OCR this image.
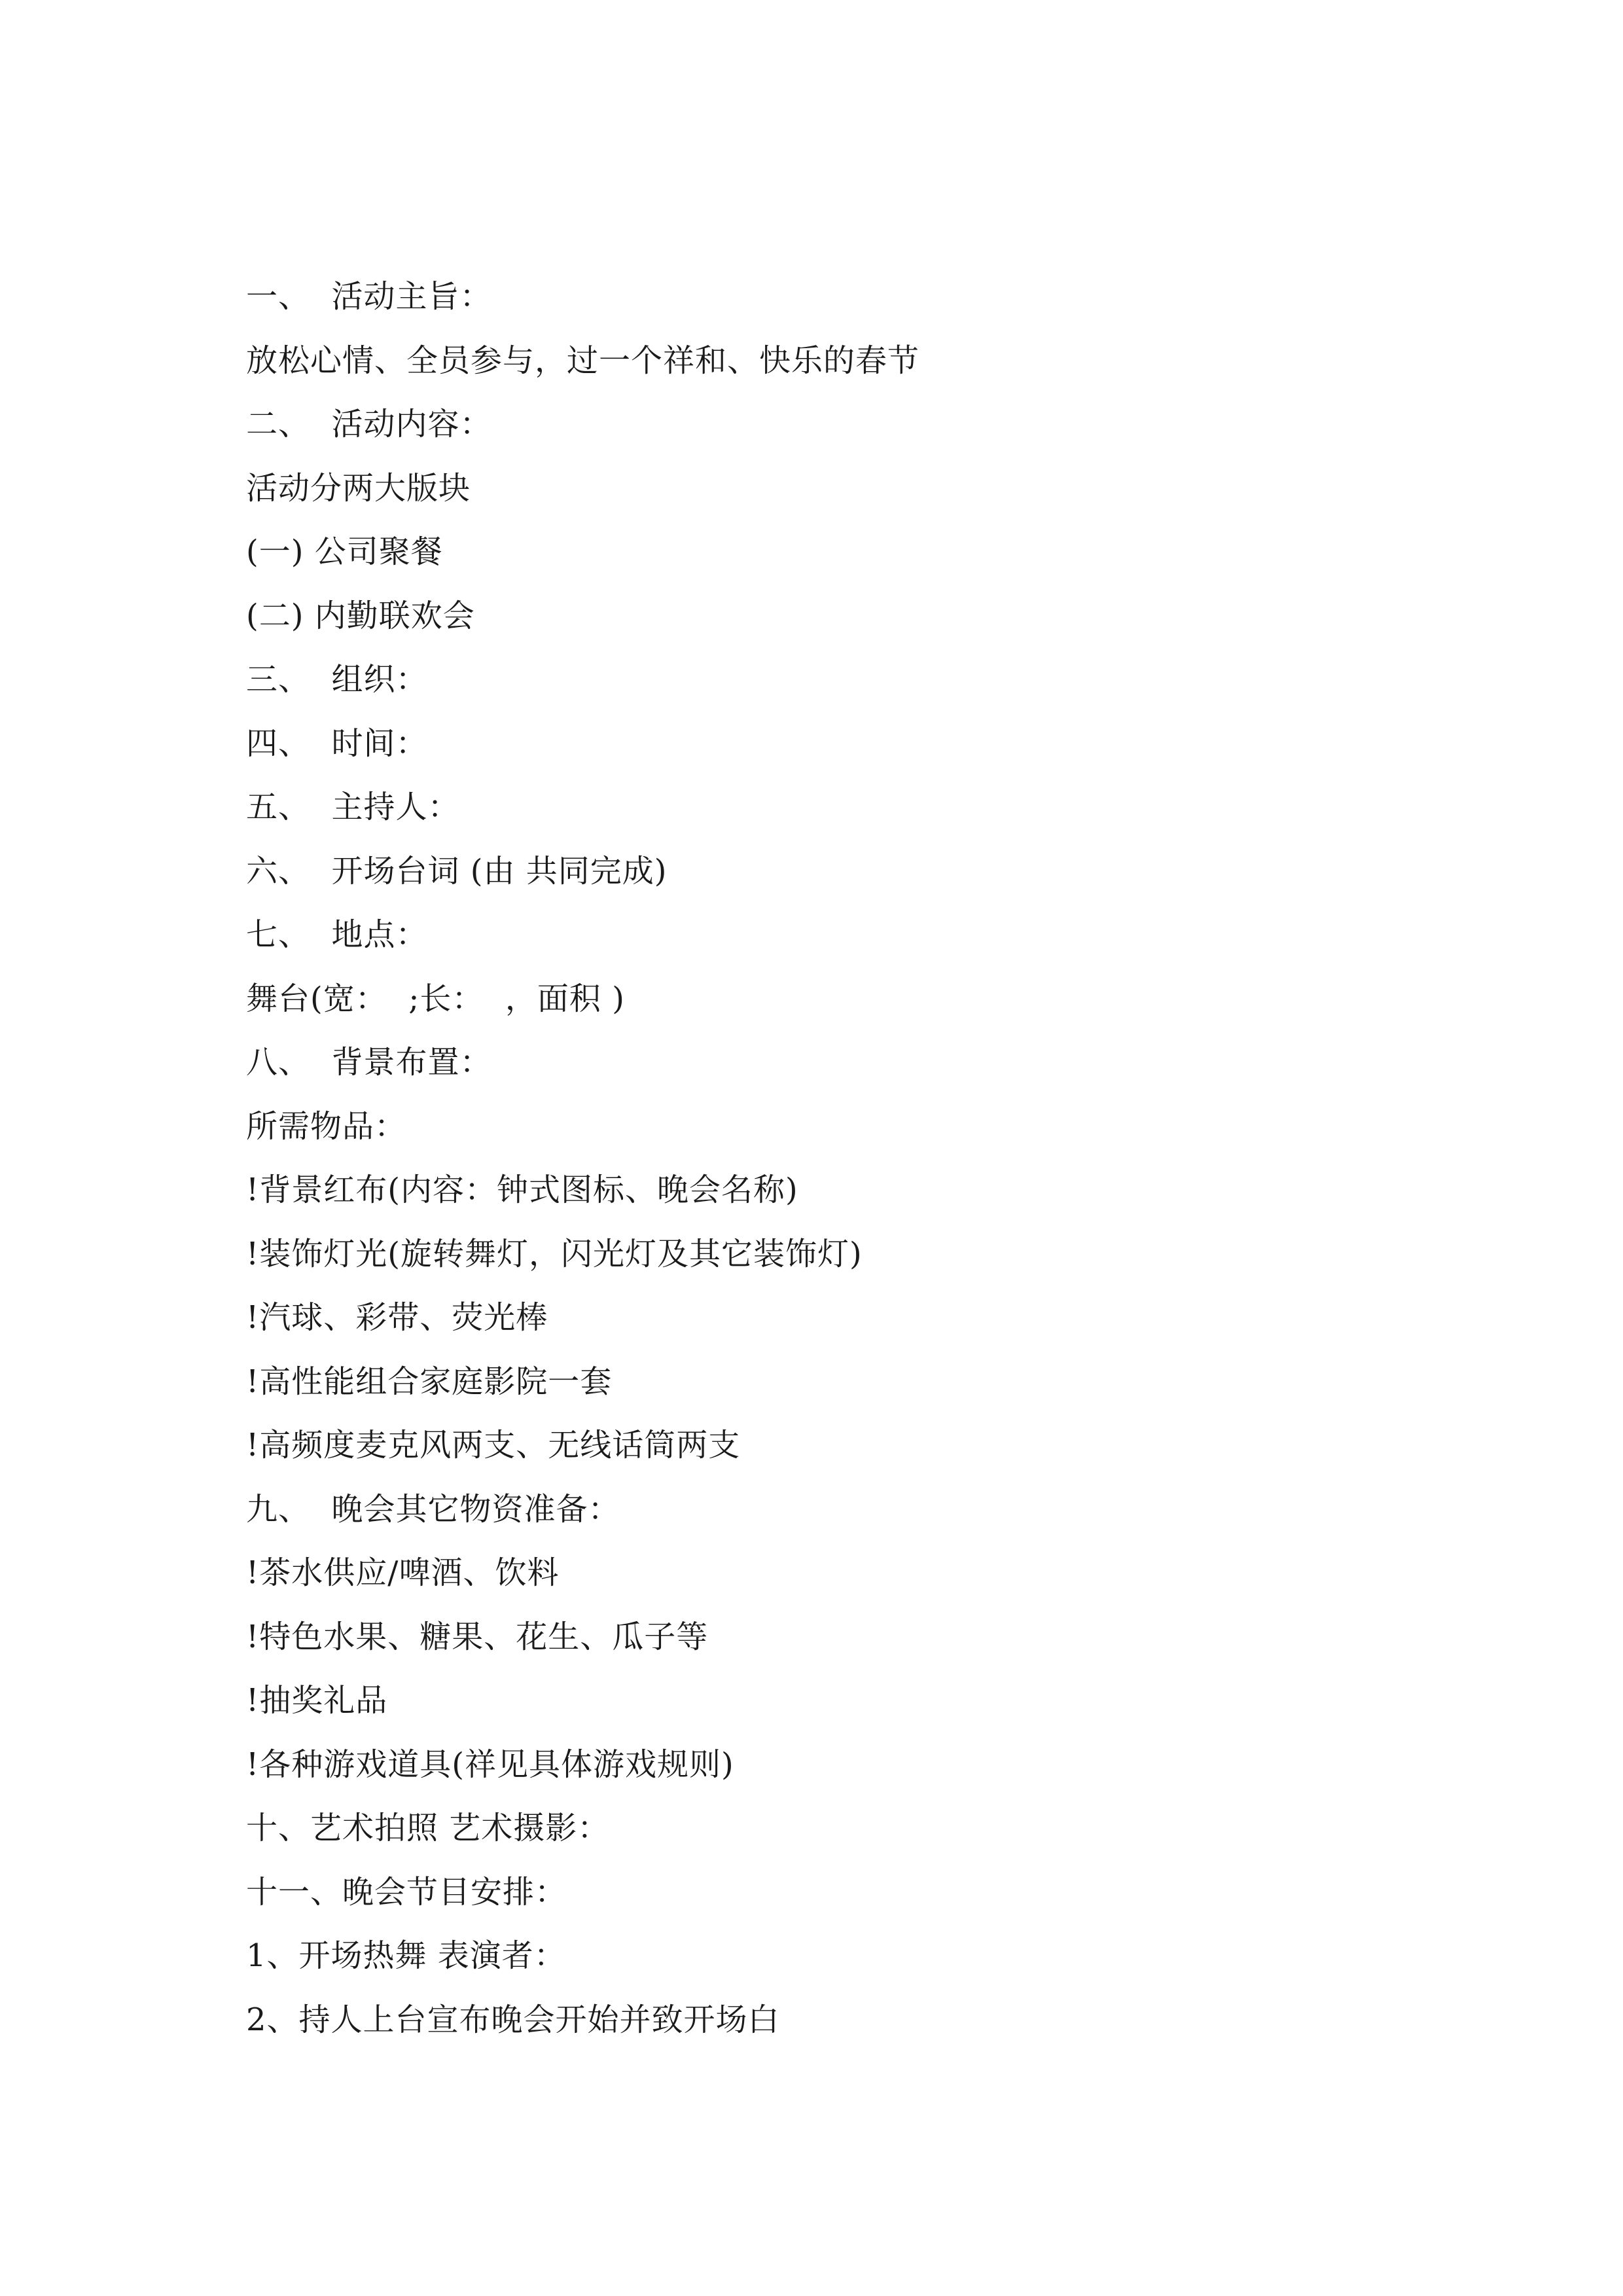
一、  活动主旨：
放松心情、全员参与，过一个祥和、快乐的春节
二、  活动内容：
活动分两大版块
(一) 公司聚餐
(二) 内勤联欢会
三、  组织：
四、  时间：
五、  主持人：
六、  开场台词 (由 共同完成)
七、  地点：
舞台(宽：  ;长：  ，面积 )
八、  背景布置：
所需物品：
!背景红布(内容：钟式图标、晚会名称)
!装饰灯光(旋转舞灯，闪光灯及其它装饰灯)
!汽球、彩带、荧光棒
!高性能组合家庭影院一套
!高频度麦克风两支、无线话筒两支
九、  晚会其它物资准备：
!茶水供应/啤酒、饮料
!特色水果、糖果、花生、瓜子等
!抽奖礼品
!各种游戏道具(祥见具体游戏规则)
十、艺术拍照 艺术摄影：
十一、晚会节目安排：
1、开场热舞 表演者：
2、持人上台宣布晚会开始并致开场白
